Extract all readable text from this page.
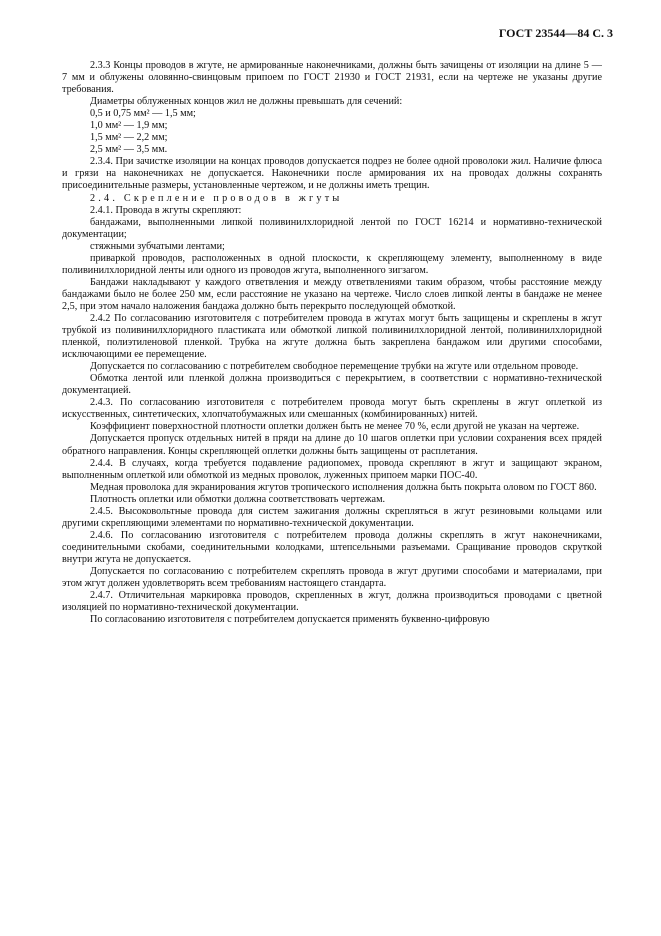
ГОСТ 23544—84 С. 3

2.3.3 Концы проводов в жгуте, не армированные наконечниками, должны быть зачищены от изоляции на длине 5 — 7 мм и облужены оловянно-свинцовым припоем по ГОСТ 21930 и ГОСТ 21931, если на чертеже не указаны другие требования.

Диаметры облуженных концов жил не должны превышать для сечений:

0,5 и 0,75 мм² — 1,5 мм;

1,0 мм² — 1,9 мм;

1,5 мм² — 2,2 мм;

2,5 мм² — 3,5 мм.

2.3.4. При зачистке изоляции на концах проводов допускается подрез не более одной проволоки жил. Наличие флюса и грязи на наконечниках не допускается. Наконечники после армирования их на проводах должны сохранять присоединительные размеры, установленные чертежом, и не должны иметь трещин.

2.4. Скрепление проводов в жгуты

2.4.1. Провода в жгуты скрепляют:

бандажами, выполненными липкой поливинилхлоридной лентой по ГОСТ 16214 и нормативно-технической документации;

стяжными зубчатыми лентами;

приваркой проводов, расположенных в одной плоскости, к скрепляющему элементу, выполненному в виде поливинилхлоридной ленты или одного из проводов жгута, выполненного зигзагом.

Бандажи накладывают у каждого ответвления и между ответвлениями таким образом, чтобы расстояние между бандажами было не более 250 мм, если расстояние не указано на чертеже. Число слоев липкой ленты в бандаже не менее 2,5, при этом начало наложения бандажа должно быть перекрыто последующей обмоткой.

2.4.2 По согласованию изготовителя с потребителем провода в жгутах могут быть защищены и скреплены в жгут трубкой из поливинилхлоридного пластиката или обмоткой липкой поливинилхлоридной лентой, поливинилхлоридной пленкой, полиэтиленовой пленкой. Трубка на жгуте должна быть закреплена бандажом или другими способами, исключающими ее перемещение.

Допускается по согласованию с потребителем свободное перемещение трубки на жгуте или отдельном проводе.

Обмотка лентой или пленкой должна производиться с перекрытием, в соответствии с нормативно-технической документацией.

2.4.3. По согласованию изготовителя с потребителем провода могут быть скреплены в жгут оплеткой из искусственных, синтетических, хлопчатобумажных или смешанных (комбинированных) нитей.

Коэффициент поверхностной плотности оплетки должен быть не менее 70 %, если другой не указан на чертеже.

Допускается пропуск отдельных нитей в пряди на длине до 10 шагов оплетки при условии сохранения всех прядей обратного направления. Концы скрепляющей оплетки должны быть защищены от расплетания.

2.4.4. В случаях, когда требуется подавление радиопомех, провода скрепляют в жгут и защищают экраном, выполненным оплеткой или обмоткой из медных проволок, луженных припоем марки ПОС-40.

Медная проволока для экранирования жгутов тропического исполнения должна быть покрыта оловом по ГОСТ 860.

Плотность оплетки или обмотки должна соответствовать чертежам.

2.4.5. Высоковольтные провода для систем зажигания должны скрепляться в жгут резиновыми кольцами или другими скрепляющими элементами по нормативно-технической документации.

2.4.6. По согласованию изготовителя с потребителем провода должны скреплять в жгут наконечниками, соединительными скобами, соединительными колодками, штепсельными разъемами. Сращивание проводов скруткой внутри жгута не допускается.

Допускается по согласованию с потребителем скреплять провода в жгут другими способами и материалами, при этом жгут должен удовлетворять всем требованиям настоящего стандарта.

2.4.7. Отличительная маркировка проводов, скрепленных в жгут, должна производиться проводами с цветной изоляцией по нормативно-технической документации.

По согласованию изготовителя с потребителем допускается применять буквенно-цифровую
